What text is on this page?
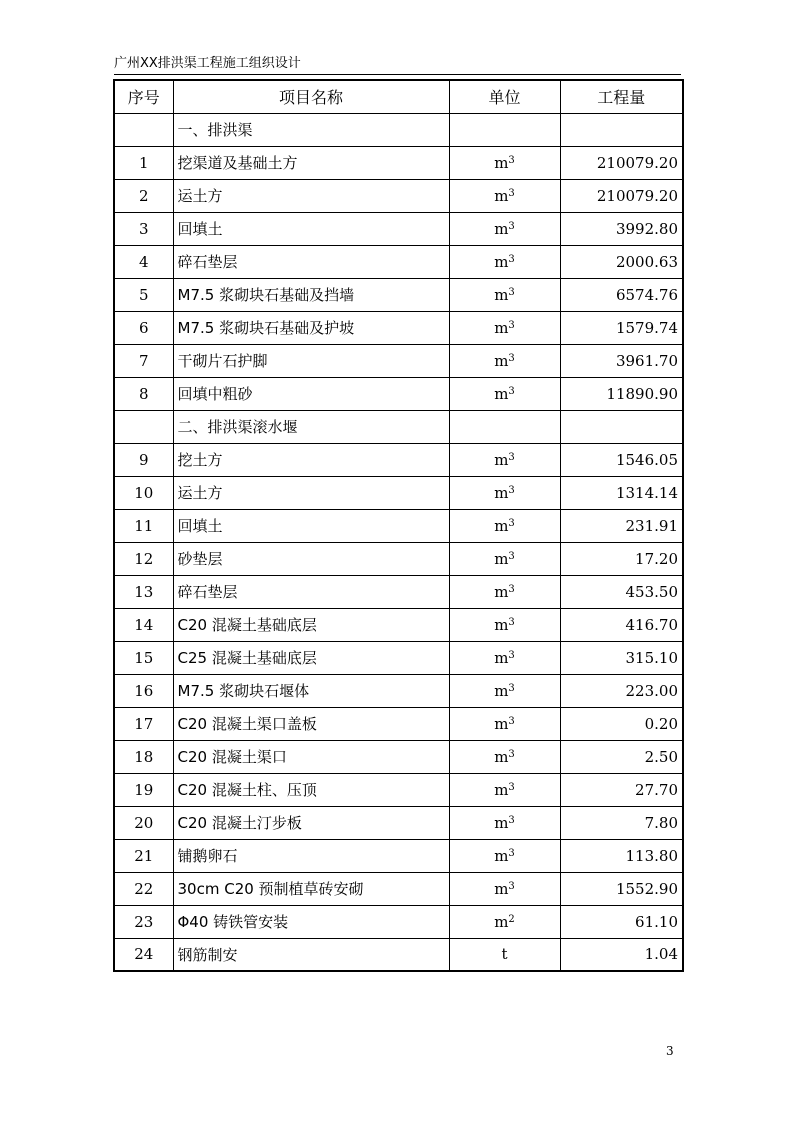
广州XX排洪渠工程施工组织设计
序号	项目名称	单位	工程量
	一、排洪渠		
1	挖渠道及基础土方	$m^3$	210079.20
2	运土方	$m^3$	210079.20
3	回填土	$m^3$	3992.80
4	碎石垫层	$m^3$	2000.63
5	M7.5 浆砌块石基础及挡墙	$m^3$	6574.76
6	M7.5 浆砌块石基础及护坡	$m^3$	1579.74
7	干砌片石护脚	$m^3$	3961.70
8	回填中粗砂	$m^3$	11890.90
	二、排洪渠滚水堰		
9	挖土方	$m^3$	1546.05
10	运土方	$m^3$	1314.14
11	回填土	$m^3$	231.91
12	砂垫层	$m^3$	17.20
13	碎石垫层	$m^3$	453.50
14	C20 混凝土基础底层	$m^3$	416.70
15	C25 混凝土基础底层	$m^3$	315.10
16	M7.5 浆砌块石堰体	$m^3$	223.00
17	C20 混凝土渠口盖板	$m^3$	0.20
18	C20 混凝土渠口	$m^3$	2.50
19	C20 混凝土柱、压顶	$m^3$	27.70
20	C20 混凝土汀步板	$m^3$	7.80
21	铺鹅卵石	$m^3$	113.80
22	30cm C20 预制植草砖安砌	$m^3$	1552.90
23	Φ40 铸铁管安装	$m^2$	61.10
24	钢筋制安	t	1.04
3
